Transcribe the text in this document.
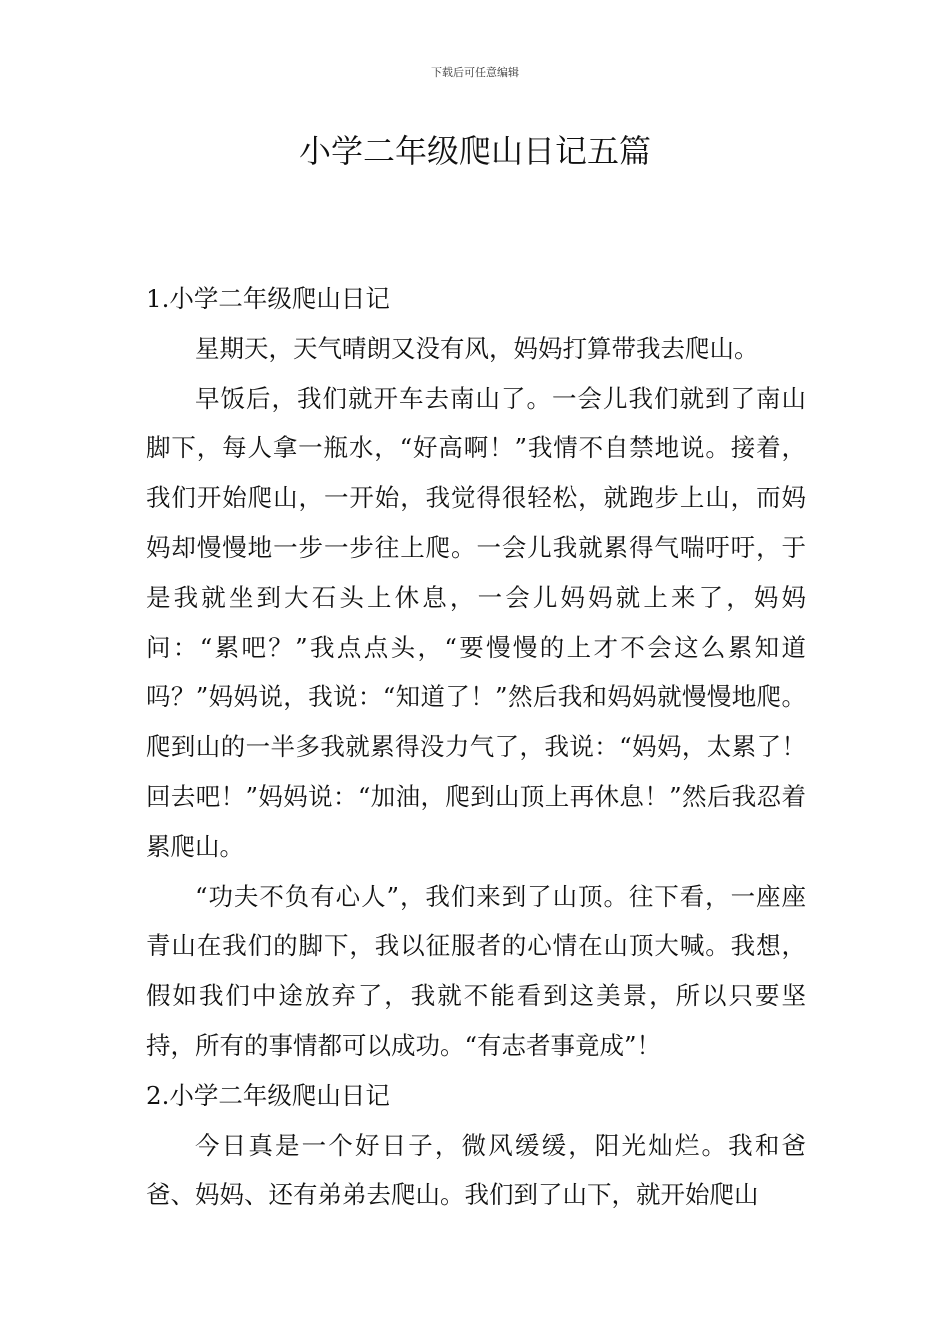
下载后可任意编辑
小学二年级爬山日记五篇

1.小学二年级爬山日记

星期天，天气晴朗又没有风，妈妈打算带我去爬山。

早饭后，我们就开车去南山了。一会儿我们就到了南山脚下，每人拿一瓶水，“好高啊！”我情不自禁地说。接着，我们开始爬山，一开始，我觉得很轻松，就跑步上山，而妈妈却慢慢地一步一步往上爬。一会儿我就累得气喘吁吁，于是我就坐到大石头上休息，一会儿妈妈就上来了，妈妈问：“累吧？”我点点头，“要慢慢的上才不会这么累知道吗？”妈妈说，我说：“知道了！”然后我和妈妈就慢慢地爬。爬到山的一半多我就累得没力气了，我说：“妈妈，太累了！回去吧！”妈妈说：“加油，爬到山顶上再休息！”然后我忍着累爬山。

“功夫不负有心人”，我们来到了山顶。往下看，一座座青山在我们的脚下，我以征服者的心情在山顶大喊。我想，假如我们中途放弃了，我就不能看到这美景，所以只要坚持，所有的事情都可以成功。“有志者事竟成”！

2.小学二年级爬山日记

今日真是一个好日子，微风缓缓，阳光灿烂。我和爸爸、妈妈、还有弟弟去爬山。我们到了山下，就开始爬山
